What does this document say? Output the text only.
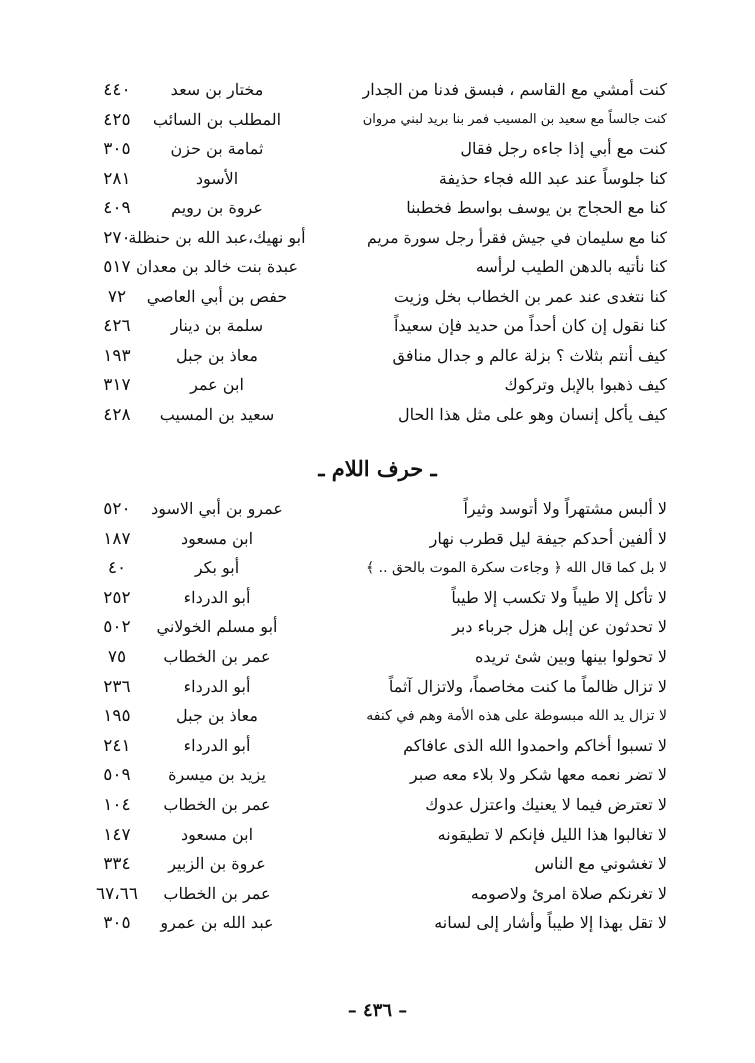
كنت أمشي مع القاسم ، فبسق فدنا من الجدار
مختار بن سعد
٤٤٠
كنت جالساً مع سعيد بن المسيب فمر بنا بريد لبني مروان
المطلب بن السائب
٤٢٥
كنت مع أبي إذا جاءه رجل فقال
ثمامة بن حزن
٣٠٥
كنا جلوساً عند عبد الله فجاء حذيفة
الأسود
٢٨١
كنا مع الحجاج بن يوسف بواسط فخطبنا
عروة بن رويم
٤٠٩
كنا مع سليمان في جيش فقرأ رجل سورة مريم
أبو نهيك،عبد الله بن حنظلة
٢٧٠
كنا نأتيه بالدهن الطيب لرأسه
عبدة بنت خالد بن معدان
٥١٧
كنا نتغدى عند عمر بن الخطاب بخل وزيت
حفص بن أبي العاصي
٧٢
كنا نقول إن كان أحداً من حديد فإن سعيداً
سلمة بن دينار
٤٢٦
كيف أنتم بثلاث ؟ بزلة عالم و جدال منافق
معاذ بن جبل
١٩٣
كيف ذهبوا بالإبل وتركوك
ابن عمر
٣١٧
كيف يأكل إنسان وهو على مثل هذا الحال
سعيد بن المسيب
٤٢٨
ـ حرف اللام ـ
لا ألبس مشتهراً ولا أتوسد وثيراً
عمرو بن أبي الاسود
٥٢٠
لا ألفين أحدكم جيفة ليل قطرب نهار
ابن مسعود
١٨٧
لا بل كما قال الله ﴿ وجاءت سكرة الموت بالحق .. ﴾
أبو بكر
٤٠
لا تأكل إلا طيباً ولا تكسب إلا طيباً
أبو الدرداء
٢٥٢
لا تحدثون عن إبل هزل جرباء دبر
أبو مسلم الخولاني
٥٠٢
لا تحولوا بينها وبين شئ تريده
عمر بن الخطاب
٧٥
لا تزال ظالماً ما كنت مخاصماً، ولاتزال آثماً
أبو الدرداء
٢٣٦
لا تزال يد الله مبسوطة على هذه الأمة وهم في كنفه
معاذ بن جبل
١٩٥
لا تسبوا أخاكم واحمدوا الله الذى عافاكم
أبو الدرداء
٢٤١
لا تضر نعمه معها شكر ولا بلاء معه صبر
يزيد بن ميسرة
٥٠٩
لا تعترض فيما لا يعنيك واعتزل عدوك
عمر بن الخطاب
١٠٤
لا تغالبوا هذا الليل فإنكم لا تطيقونه
ابن مسعود
١٤٧
لا تغشوني مع الناس
عروة بن الزبير
٣٣٤
لا تغرنكم صلاة امرئ ولاصومه
عمر بن الخطاب
٦٧،٦٦
لا تقل بهذا إلا طيباً وأشار إلى لسانه
عبد الله بن عمرو
٣٠٥
– ٤٣٦ –
